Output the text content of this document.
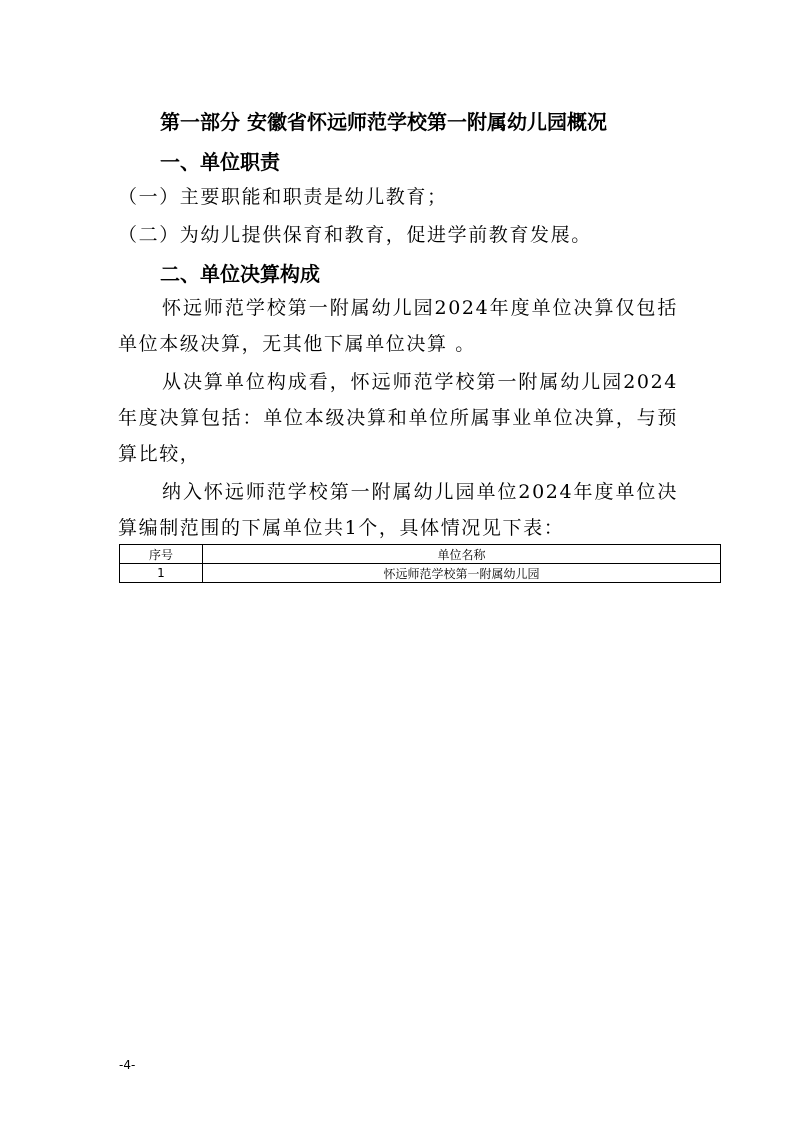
第一部分 安徽省怀远师范学校第一附属幼儿园概况
一、单位职责
（一）主要职能和职责是幼儿教育；
（二）为幼儿提供保育和教育，促进学前教育发展。
二、单位决算构成
怀远师范学校第一附属幼儿园2024年度单位决算仅包括单位本级决算，无其他下属单位决算 。
从决算单位构成看，怀远师范学校第一附属幼儿园2024年度决算包括：单位本级决算和单位所属事业单位决算，与预算比较，
纳入怀远师范学校第一附属幼儿园单位2024年度单位决算编制范围的下属单位共1个，具体情况见下表：
序号	单位名称
1	怀远师范学校第一附属幼儿园
-4-
